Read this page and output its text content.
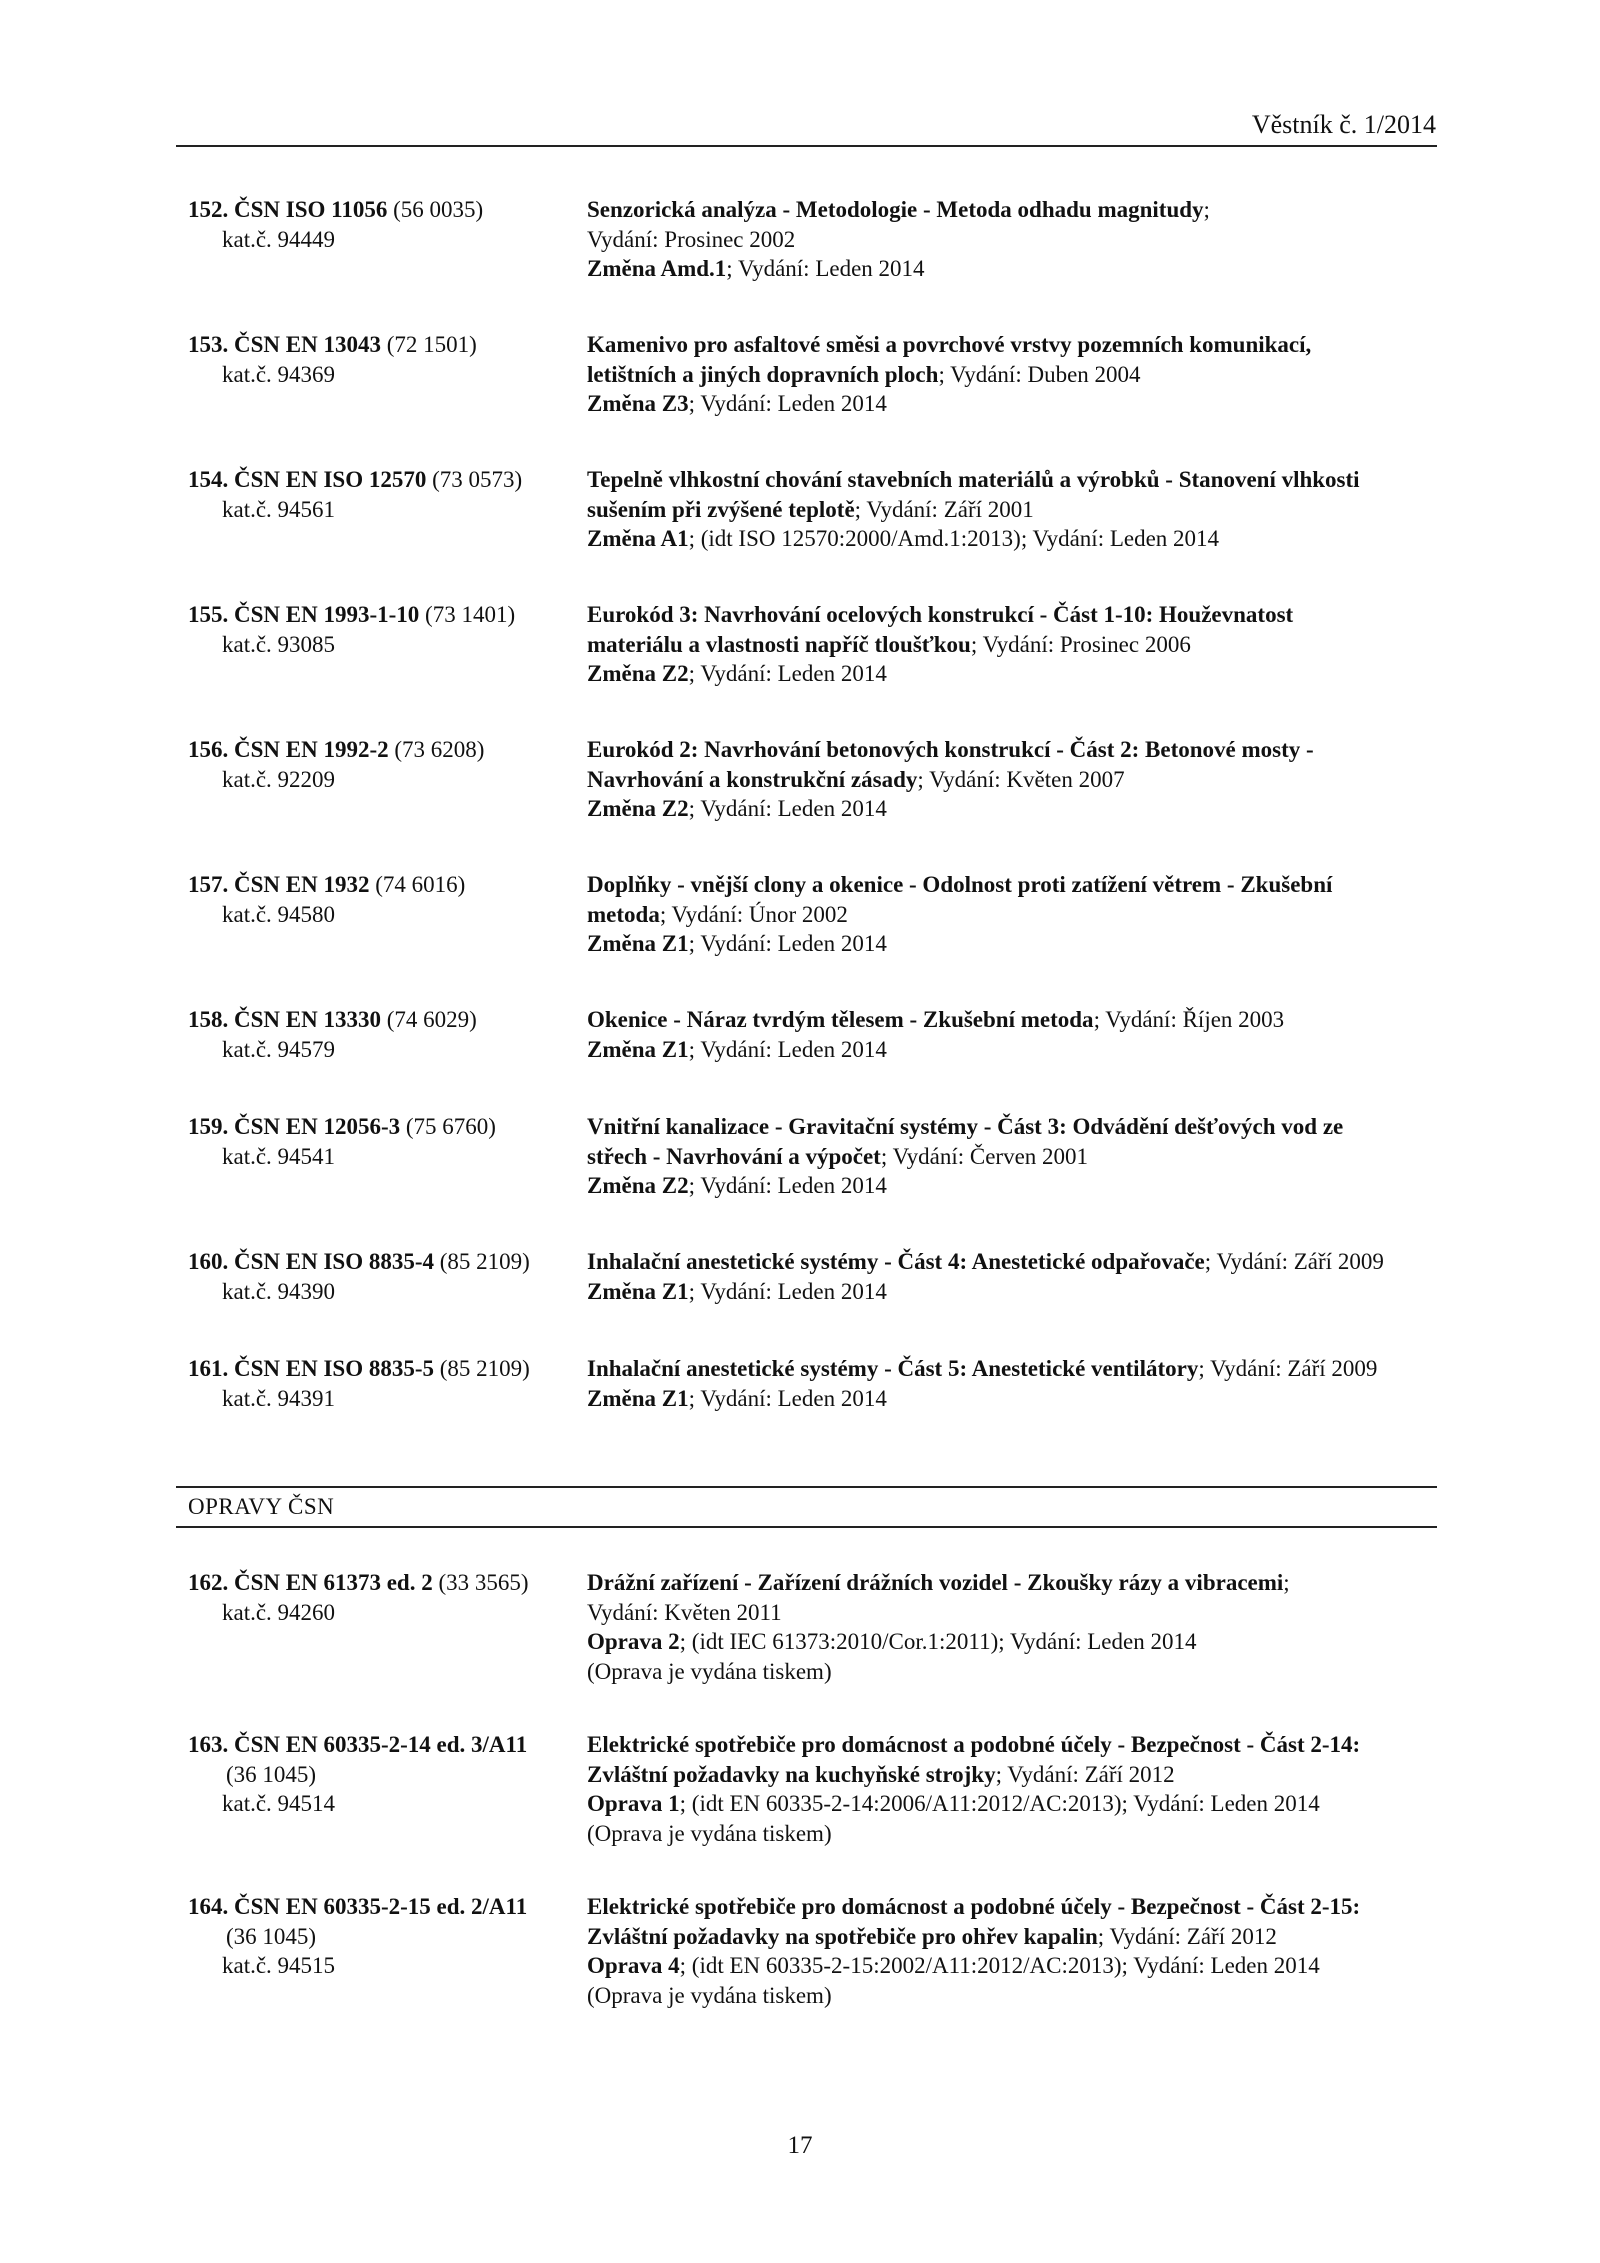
Věstník č. 1/2014
152. ČSN ISO 11056 (56 0035)
kat.č. 94449
Senzorická analýza - Metodologie - Metoda odhadu magnitudy;
Vydání: Prosinec 2002
Změna Amd.1; Vydání: Leden 2014
153. ČSN EN 13043 (72 1501)
kat.č. 94369
Kamenivo pro asfaltové směsi a povrchové vrstvy pozemních komunikací,
letištních a jiných dopravních ploch; Vydání: Duben 2004
Změna Z3; Vydání: Leden 2014
154. ČSN EN ISO 12570 (73 0573)
kat.č. 94561
Tepelně vlhkostní chování stavebních materiálů a výrobků - Stanovení vlhkosti
sušením při zvýšené teplotě; Vydání: Září 2001
Změna A1; (idt ISO 12570:2000/Amd.1:2013); Vydání: Leden 2014
155. ČSN EN 1993-1-10 (73 1401)
kat.č. 93085
Eurokód 3: Navrhování ocelových konstrukcí - Část 1-10: Houževnatost
materiálu a vlastnosti napříč tloušťkou; Vydání: Prosinec 2006
Změna Z2; Vydání: Leden 2014
156. ČSN EN 1992-2 (73 6208)
kat.č. 92209
Eurokód 2: Navrhování betonových konstrukcí - Část 2: Betonové mosty -
Navrhování a konstrukční zásady; Vydání: Květen 2007
Změna Z2; Vydání: Leden 2014
157. ČSN EN 1932 (74 6016)
kat.č. 94580
Doplňky - vnější clony a okenice - Odolnost proti zatížení větrem - Zkušební
metoda; Vydání: Únor 2002
Změna Z1; Vydání: Leden 2014
158. ČSN EN 13330 (74 6029)
kat.č. 94579
Okenice - Náraz tvrdým tělesem - Zkušební metoda; Vydání: Říjen 2003
Změna Z1; Vydání: Leden 2014
159. ČSN EN 12056-3 (75 6760)
kat.č. 94541
Vnitřní kanalizace - Gravitační systémy - Část 3: Odvádění dešťových vod ze
střech - Navrhování a výpočet; Vydání: Červen 2001
Změna Z2; Vydání: Leden 2014
160. ČSN EN ISO 8835-4 (85 2109)
kat.č. 94390
Inhalační anestetické systémy - Část 4: Anestetické odpařovače; Vydání: Září 2009
Změna Z1; Vydání: Leden 2014
161. ČSN EN ISO 8835-5 (85 2109)
kat.č. 94391
Inhalační anestetické systémy - Část 5: Anestetické ventilátory; Vydání: Září 2009
Změna Z1; Vydání: Leden 2014
OPRAVY ČSN
162. ČSN EN 61373 ed. 2 (33 3565)
kat.č. 94260
Drážní zařízení - Zařízení drážních vozidel - Zkoušky rázy a vibracemi;
Vydání: Květen 2011
Oprava 2; (idt IEC 61373:2010/Cor.1:2011); Vydání: Leden 2014
(Oprava je vydána tiskem)
163. ČSN EN 60335-2-14 ed. 3/A11
(36 1045)
kat.č. 94514
Elektrické spotřebiče pro domácnost a podobné účely - Bezpečnost - Část 2-14:
Zvláštní požadavky na kuchyňské strojky; Vydání: Září 2012
Oprava 1; (idt EN 60335-2-14:2006/A11:2012/AC:2013); Vydání: Leden 2014
(Oprava je vydána tiskem)
164. ČSN EN 60335-2-15 ed. 2/A11
(36 1045)
kat.č. 94515
Elektrické spotřebiče pro domácnost a podobné účely - Bezpečnost - Část 2-15:
Zvláštní požadavky na spotřebiče pro ohřev kapalin; Vydání: Září 2012
Oprava 4; (idt EN 60335-2-15:2002/A11:2012/AC:2013); Vydání: Leden 2014
(Oprava je vydána tiskem)
17
